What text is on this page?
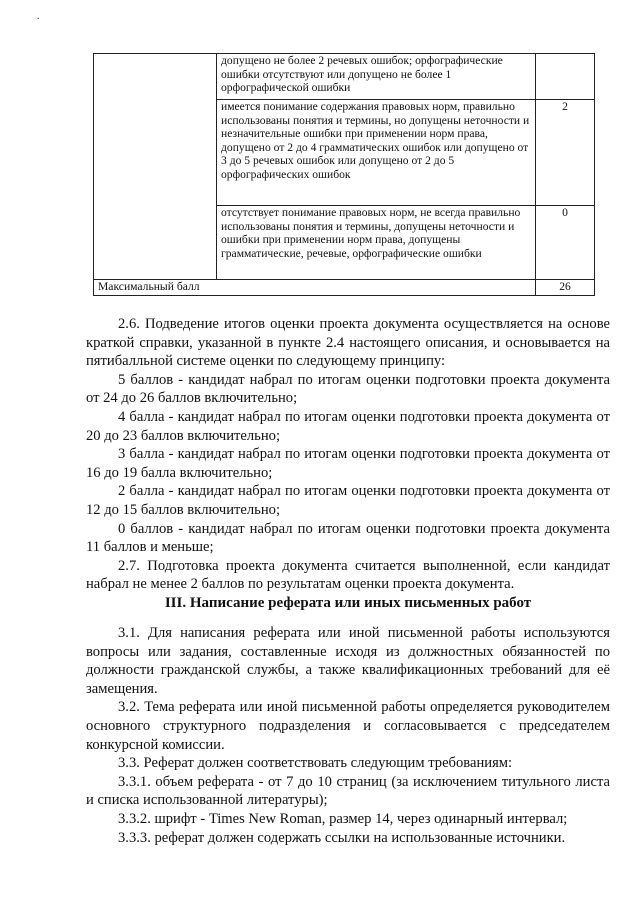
.
	допущено не более 2 речевых ошибок; орфографические ошибки отсутствуют или допущено не более 1 орфографической ошибки	
	имеется понимание содержания правовых норм, правильно использованы понятия и термины, но допущены неточности и незначительные ошибки при применении норм права, допущено от 2 до 4 грамматических ошибок или допущено от 3 до 5 речевых ошибок или допущено от 2 до 5 орфографических ошибок	2
	отсутствует понимание правовых норм, не всегда правильно использованы понятия и термины, допущены неточности и ошибки при применении норм права, допущены грамматические, речевые, орфографические ошибки	0
Максимальный балл		26

2.6. Подведение итогов оценки проекта документа осуществляется на основе краткой справки, указанной в пункте 2.4 настоящего описания, и основывается на пятибалльной системе оценки по следующему принципу:

5 баллов - кандидат набрал по итогам оценки подготовки проекта документа от 24 до 26 баллов включительно;

4 балла - кандидат набрал по итогам оценки подготовки проекта документа от 20 до 23 баллов включительно;

3 балла - кандидат набрал по итогам оценки подготовки проекта документа от 16 до 19 балла включительно;

2 балла - кандидат набрал по итогам оценки подготовки проекта документа от 12 до 15 баллов включительно;

0 баллов - кандидат набрал по итогам оценки подготовки проекта документа 11 баллов и меньше;

2.7. Подготовка проекта документа считается выполненной, если кандидат набрал не менее 2 баллов по результатам оценки проекта документа.

III. Написание реферата или иных письменных работ

3.1. Для написания реферата или иной письменной работы используются вопросы или задания, составленные исходя из должностных обязанностей по должности гражданской службы, а также квалификационных требований для её замещения.

3.2. Тема реферата или иной письменной работы определяется руководителем основного структурного подразделения и согласовывается с председателем конкурсной комиссии.

3.3. Реферат должен соответствовать следующим требованиям:

3.3.1. объем реферата - от 7 до 10 страниц (за исключением титульного листа и списка использованной литературы);

3.3.2. шрифт - Times New Roman, размер 14, через одинарный интервал;

3.3.3. реферат должен содержать ссылки на использованные источники.
